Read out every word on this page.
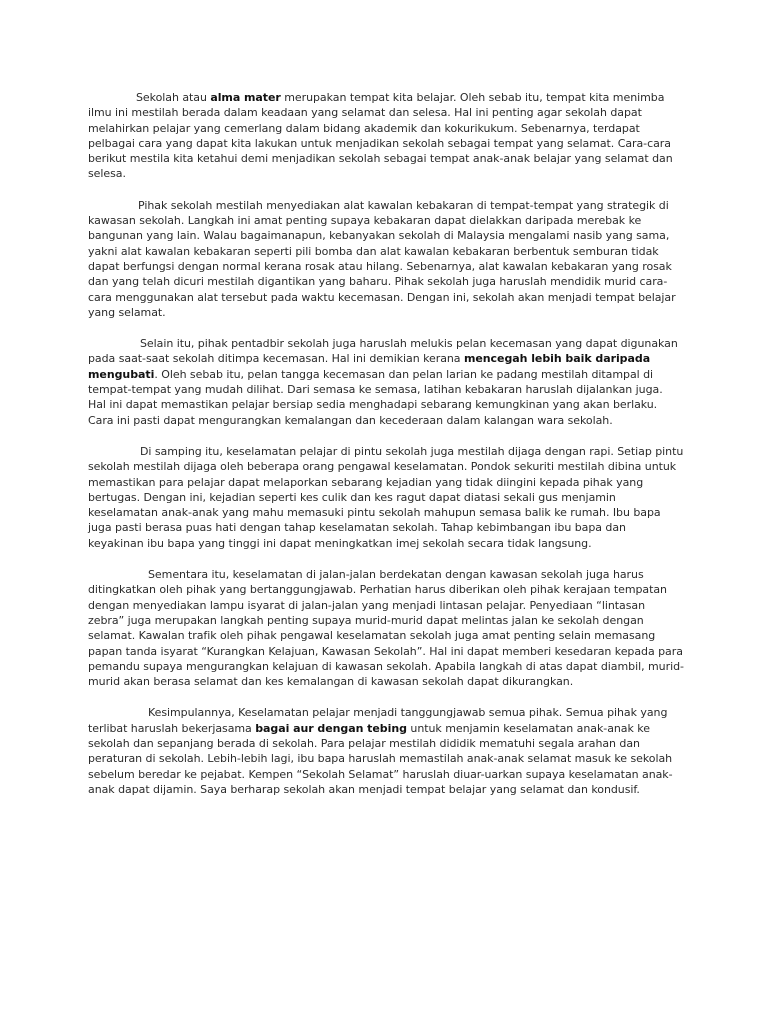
Sekolah atau alma mater merupakan tempat kita belajar. Oleh sebab itu, tempat kita menimba ilmu ini mestilah berada dalam keadaan yang selamat dan selesa. Hal ini penting agar sekolah dapat melahirkan pelajar yang cemerlang dalam bidang akademik dan kokurikukum. Sebenarnya, terdapat pelbagai cara yang dapat kita lakukan untuk menjadikan sekolah sebagai tempat yang selamat. Cara-cara berikut mestila kita ketahui demi menjadikan sekolah sebagai tempat anak-anak belajar yang selamat dan selesa.

Pihak sekolah mestilah menyediakan alat kawalan kebakaran di tempat-tempat yang strategik di kawasan sekolah. Langkah ini amat penting supaya kebakaran dapat dielakkan daripada merebak ke bangunan yang lain. Walau bagaimanapun, kebanyakan sekolah di Malaysia mengalami nasib yang sama, yakni alat kawalan kebakaran seperti pili bomba dan alat kawalan kebakaran berbentuk semburan tidak dapat berfungsi dengan normal kerana rosak atau hilang. Sebenarnya, alat kawalan kebakaran yang rosak dan yang telah dicuri mestilah digantikan yang baharu. Pihak sekolah juga haruslah mendidik murid cara-cara menggunakan alat tersebut pada waktu kecemasan. Dengan ini, sekolah akan menjadi tempat belajar yang selamat.

Selain itu, pihak pentadbir sekolah juga haruslah melukis pelan kecemasan yang dapat digunakan pada saat-saat sekolah ditimpa kecemasan. Hal ini demikian kerana mencegah lebih baik daripada mengubati. Oleh sebab itu, pelan tangga kecemasan dan pelan larian ke padang mestilah ditampal di tempat-tempat yang mudah dilihat. Dari semasa ke semasa, latihan kebakaran haruslah dijalankan juga. Hal ini dapat memastikan pelajar bersiap sedia menghadapi sebarang kemungkinan yang akan berlaku. Cara ini pasti dapat mengurangkan kemalangan dan kecederaan dalam kalangan wara sekolah.

Di samping itu, keselamatan pelajar di pintu sekolah juga mestilah dijaga dengan rapi. Setiap pintu sekolah mestilah dijaga oleh beberapa orang pengawal keselamatan. Pondok sekuriti mestilah dibina untuk memastikan para pelajar dapat melaporkan sebarang kejadian yang tidak diingini kepada pihak yang bertugas. Dengan ini, kejadian seperti kes culik dan kes ragut dapat diatasi sekali gus menjamin keselamatan anak-anak yang mahu memasuki pintu sekolah mahupun semasa balik ke rumah. Ibu bapa juga pasti berasa puas hati dengan tahap keselamatan sekolah. Tahap kebimbangan ibu bapa dan keyakinan ibu bapa yang tinggi ini dapat meningkatkan imej sekolah secara tidak langsung.

Sementara itu, keselamatan di jalan-jalan berdekatan dengan kawasan sekolah juga harus ditingkatkan oleh pihak yang bertanggungjawab. Perhatian harus diberikan oleh pihak kerajaan tempatan dengan menyediakan lampu isyarat di jalan-jalan yang menjadi lintasan pelajar. Penyediaan “lintasan zebra” juga merupakan langkah penting supaya murid-murid dapat melintas jalan ke sekolah dengan selamat. Kawalan trafik oleh pihak pengawal keselamatan sekolah juga amat penting selain memasang papan tanda isyarat “Kurangkan Kelajuan, Kawasan Sekolah”. Hal ini dapat memberi kesedaran kepada para pemandu supaya mengurangkan kelajuan di kawasan sekolah. Apabila langkah di atas dapat diambil, murid-murid akan berasa selamat dan kes kemalangan di kawasan sekolah dapat dikurangkan.

Kesimpulannya, Keselamatan pelajar menjadi tanggungjawab semua pihak. Semua pihak yang terlibat haruslah bekerjasama bagai aur dengan tebing untuk menjamin keselamatan anak-anak ke sekolah dan sepanjang berada di sekolah. Para pelajar mestilah dididik mematuhi segala arahan dan peraturan di sekolah. Lebih-lebih lagi, ibu bapa haruslah memastilah anak-anak selamat masuk ke sekolah sebelum beredar ke pejabat. Kempen “Sekolah Selamat” haruslah diuar-uarkan supaya keselamatan anak-anak dapat dijamin. Saya berharap sekolah akan menjadi tempat belajar yang selamat dan kondusif.
